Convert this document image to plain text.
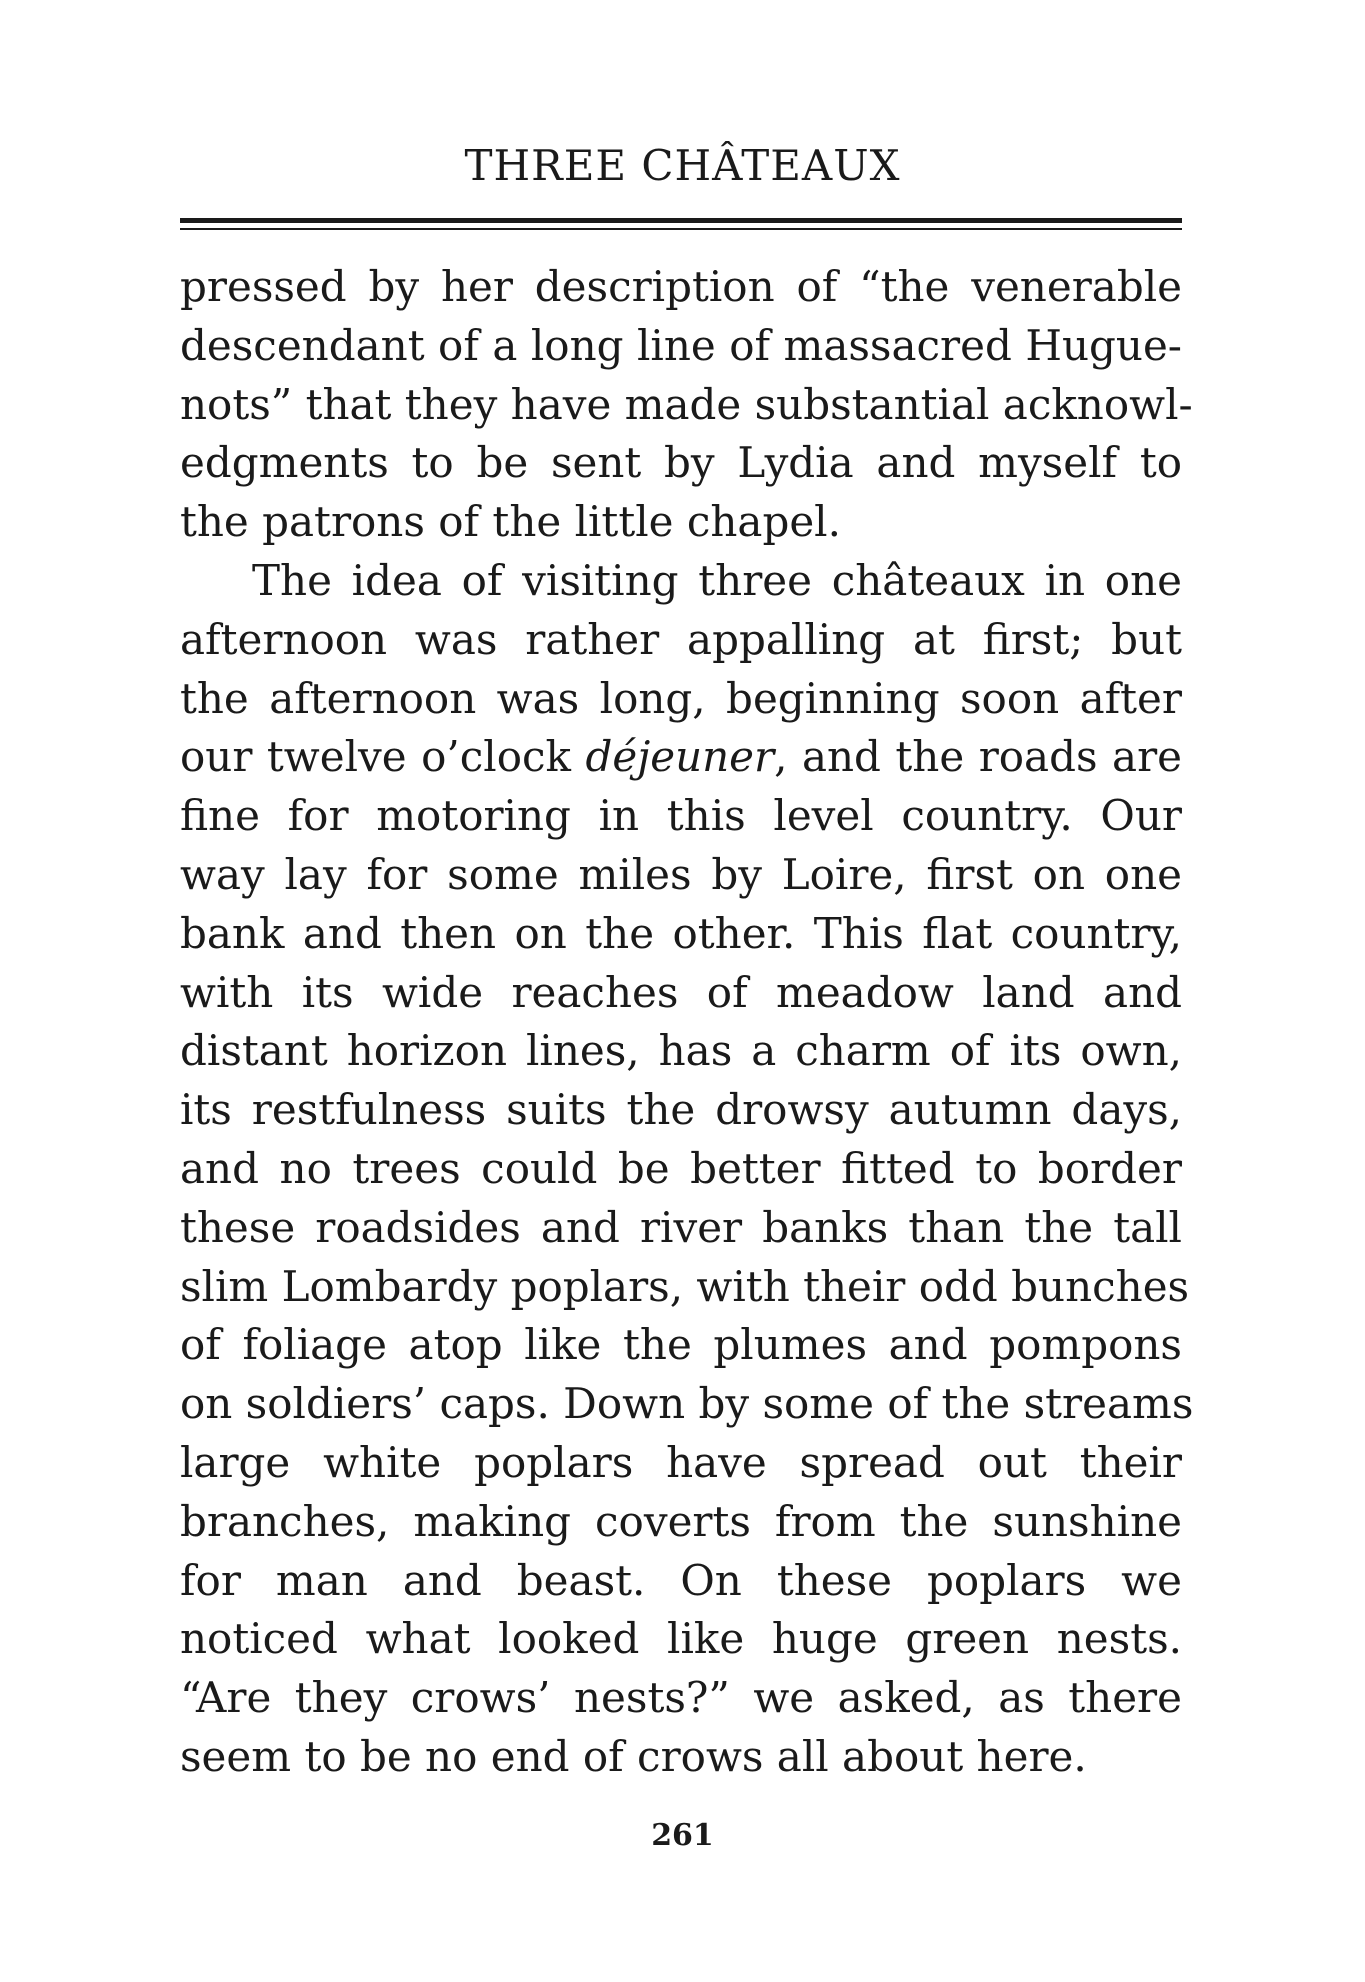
THREE CHÂTEAUX
pressed by her description of “the venerable
descendant of a long line of massacred Hugue-
nots” that they have made substantial acknowl-
edgments to be sent by Lydia and myself to
the patrons of the little chapel.
The idea of visiting three châteaux in one
afternoon was rather appalling at first; but
the afternoon was long, beginning soon after
our twelve o’clock déjeuner, and the roads are
fine for motoring in this level country. Our
way lay for some miles by Loire, first on one
bank and then on the other. This flat country,
with its wide reaches of meadow land and
distant horizon lines, has a charm of its own,
its restfulness suits the drowsy autumn days,
and no trees could be better fitted to border
these roadsides and river banks than the tall
slim Lombardy poplars, with their odd bunches
of foliage atop like the plumes and pompons
on soldiers’ caps. Down by some of the streams
large white poplars have spread out their
branches, making coverts from the sunshine
for man and beast. On these poplars we
noticed what looked like huge green nests.
“Are they crows’ nests?” we asked, as there
seem to be no end of crows all about here.
261
